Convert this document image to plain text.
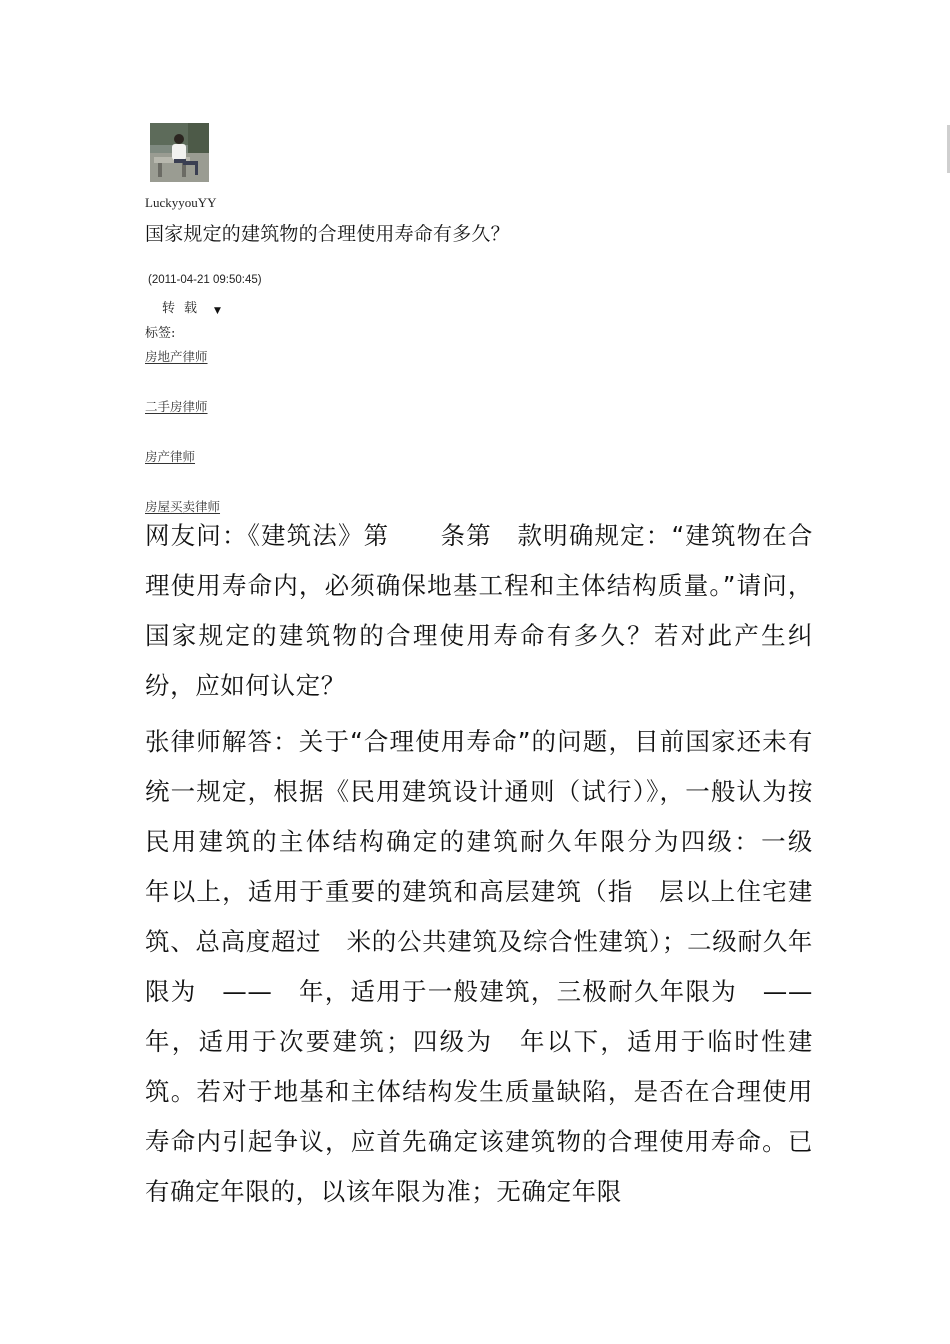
LuckyyouYY
国家规定的建筑物的合理使用寿命有多久？
(2011-04-21 09:50:45)
转载 ▼
标签:
房地产律师
二手房律师
房产律师
房屋买卖律师

网友问：《建筑法》第　　条第　款明确规定：“建筑物在合理使用寿命内，必须确保地基工程和主体结构质量。”请问，国家规定的建筑物的合理使用寿命有多久？若对此产生纠纷，应如何认定？

张律师解答：关于“合理使用寿命”的问题，目前国家还未有统一规定，根据《民用建筑设计通则（试行）》，一般认为按民用建筑的主体结构确定的建筑耐久年限分为四级：一级　　年以上，适用于重要的建筑和高层建筑（指　层以上住宅建筑、总高度超过　米的公共建筑及综合性建筑）；二级耐久年限为　——　年，适用于一般建筑，三极耐久年限为　——　年，适用于次要建筑；四级为　年以下，适用于临时性建筑。若对于地基和主体结构发生质量缺陷，是否在合理使用寿命内引起争议，应首先确定该建筑物的合理使用寿命。已有确定年限的，以该年限为准；无确定年限
